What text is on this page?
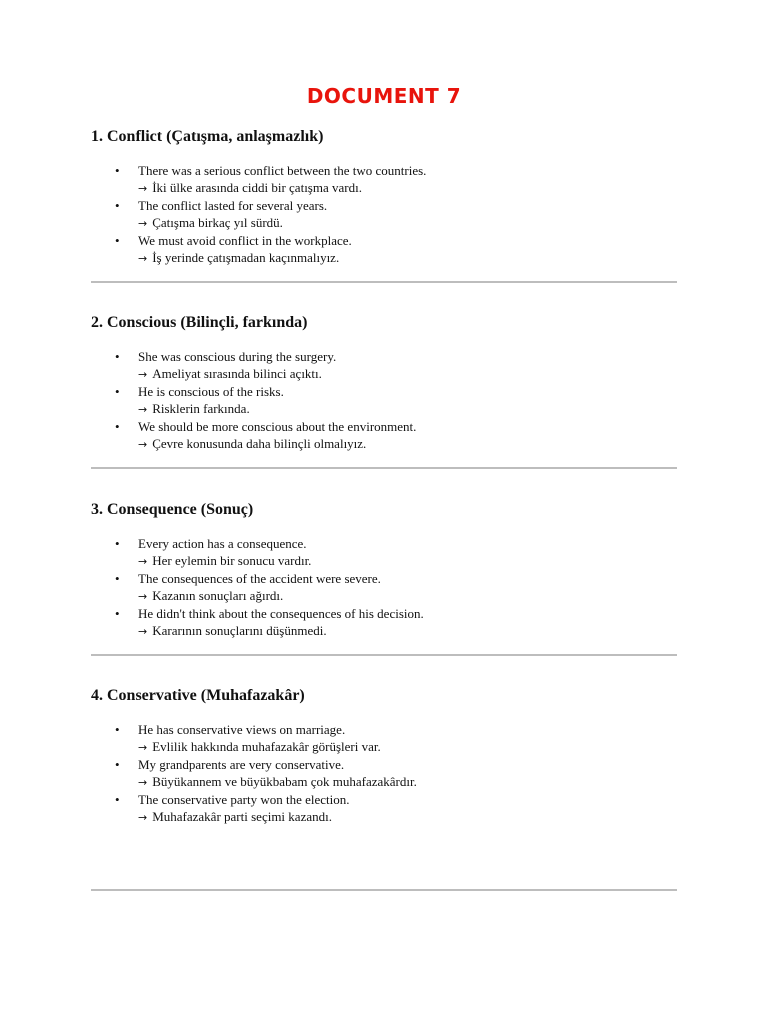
DOCUMENT 7
1. Conflict (Çatışma, anlaşmazlık)
• There was a serious conflict between the two countries.
→ İki ülke arasında ciddi bir çatışma vardı.
• The conflict lasted for several years.
→ Çatışma birkaç yıl sürdü.
• We must avoid conflict in the workplace.
→ İş yerinde çatışmadan kaçınmalıyız.
2. Conscious (Bilinçli, farkında)
• She was conscious during the surgery.
→ Ameliyat sırasında bilinci açıktı.
• He is conscious of the risks.
→ Risklerin farkında.
• We should be more conscious about the environment.
→ Çevre konusunda daha bilinçli olmalıyız.
3. Consequence (Sonuç)
• Every action has a consequence.
→ Her eylemin bir sonucu vardır.
• The consequences of the accident were severe.
→ Kazanın sonuçları ağırdı.
• He didn't think about the consequences of his decision.
→ Kararının sonuçlarını düşünmedi.
4. Conservative (Muhafazakâr)
• He has conservative views on marriage.
→ Evlilik hakkında muhafazakâr görüşleri var.
• My grandparents are very conservative.
→ Büyükannem ve büyükbabam çok muhafazakârdır.
• The conservative party won the election.
→ Muhafazakâr parti seçimi kazandı.
